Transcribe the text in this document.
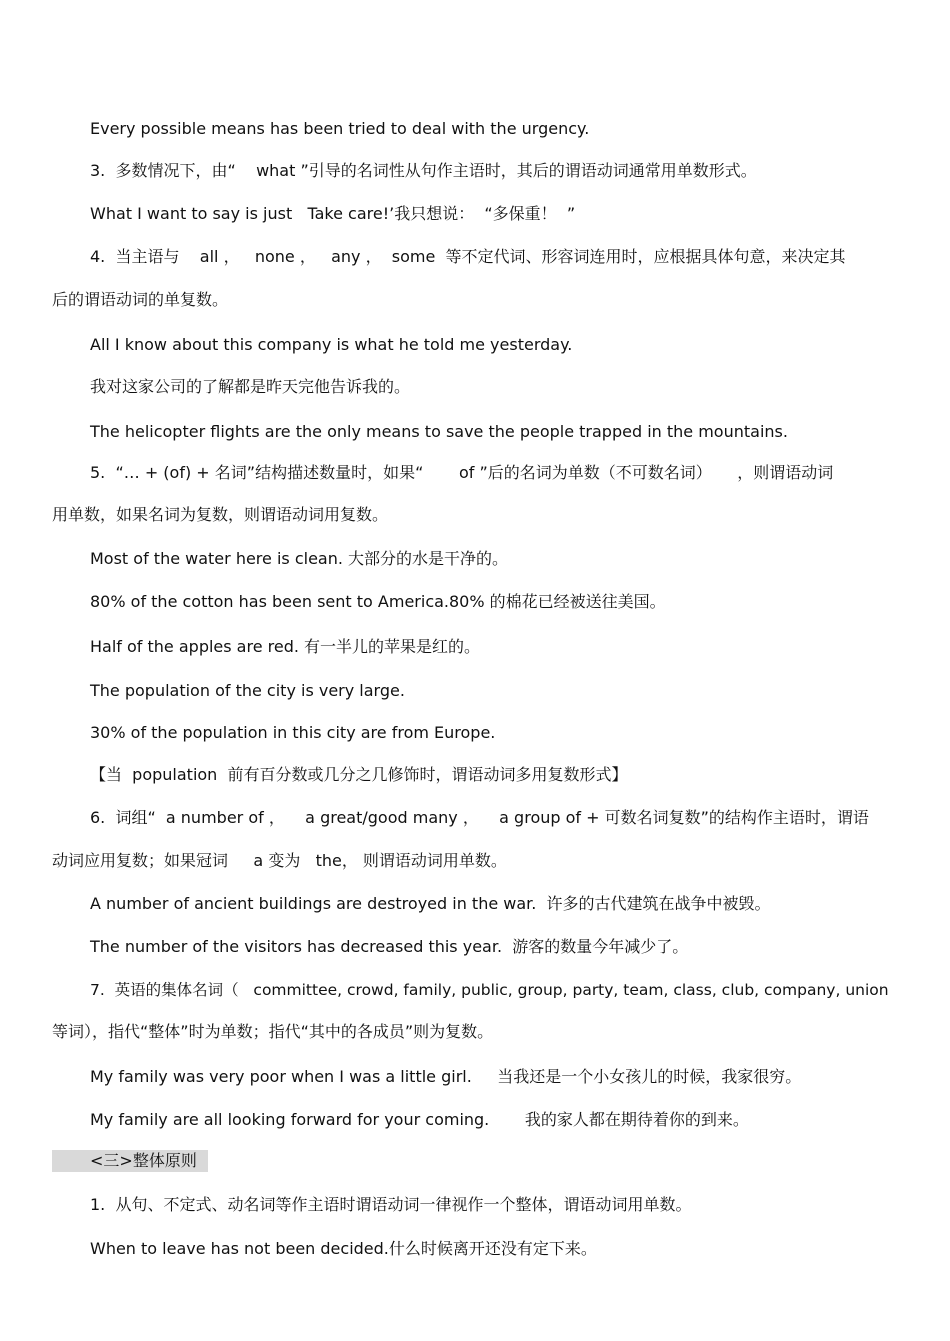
Every possible means has been tried to deal with the urgency.
3.  多数情况下，由“    what ”引导的名词性从句作主语时，其后的谓语动词通常用单数形式。
What I want to say is just   Take care!’我只想说：  “多保重！  ”
4.  当主语与    all ，   none ，   any ，  some  等不定代词、形容词连用时，应根据具体句意，来决定其
后的谓语动词的单复数。
All I know about this company is what he told me yesterday.
我对这家公司的了解都是昨天完他告诉我的。
The helicopter flights are the only means to save the people trapped in the mountains.
5.  “… + (of) + 名词”结构描述数量时，如果“       of ”后的名词为单数（不可数名词）     ，则谓语动词
用单数，如果名词为复数，则谓语动词用复数。
Most of the water here is clean. 大部分的水是干净的。
80% of the cotton has been sent to America.80% 的棉花已经被送往美国。
Half of the apples are red. 有一半儿的苹果是红的。
The population of the city is very large.
30% of the population in this city are from Europe.
【当  population  前有百分数或几分之几修饰时，谓语动词多用复数形式】
6.  词组“  a number of ，    a great/good many ，    a group of + 可数名词复数”的结构作主语时，谓语
动词应用复数；如果冠词     a 变为   the， 则谓语动词用单数。
A number of ancient buildings are destroyed in the war.  许多的古代建筑在战争中被毁。
The number of the visitors has decreased this year.  游客的数量今年减少了。
7.  英语的集体名词（   committee, crowd, family, public, group, party, team, class, club, company, union
等词），指代“整体”时为单数；指代“其中的各成员”则为复数。
My family was very poor when I was a little girl.     当我还是一个小女孩儿的时候，我家很穷。
My family are all looking forward for your coming.       我的家人都在期待着你的到来。
<三>整体原则
1.  从句、不定式、动名词等作主语时谓语动词一律视作一个整体，谓语动词用单数。
When to leave has not been decided.什么时候离开还没有定下来。
